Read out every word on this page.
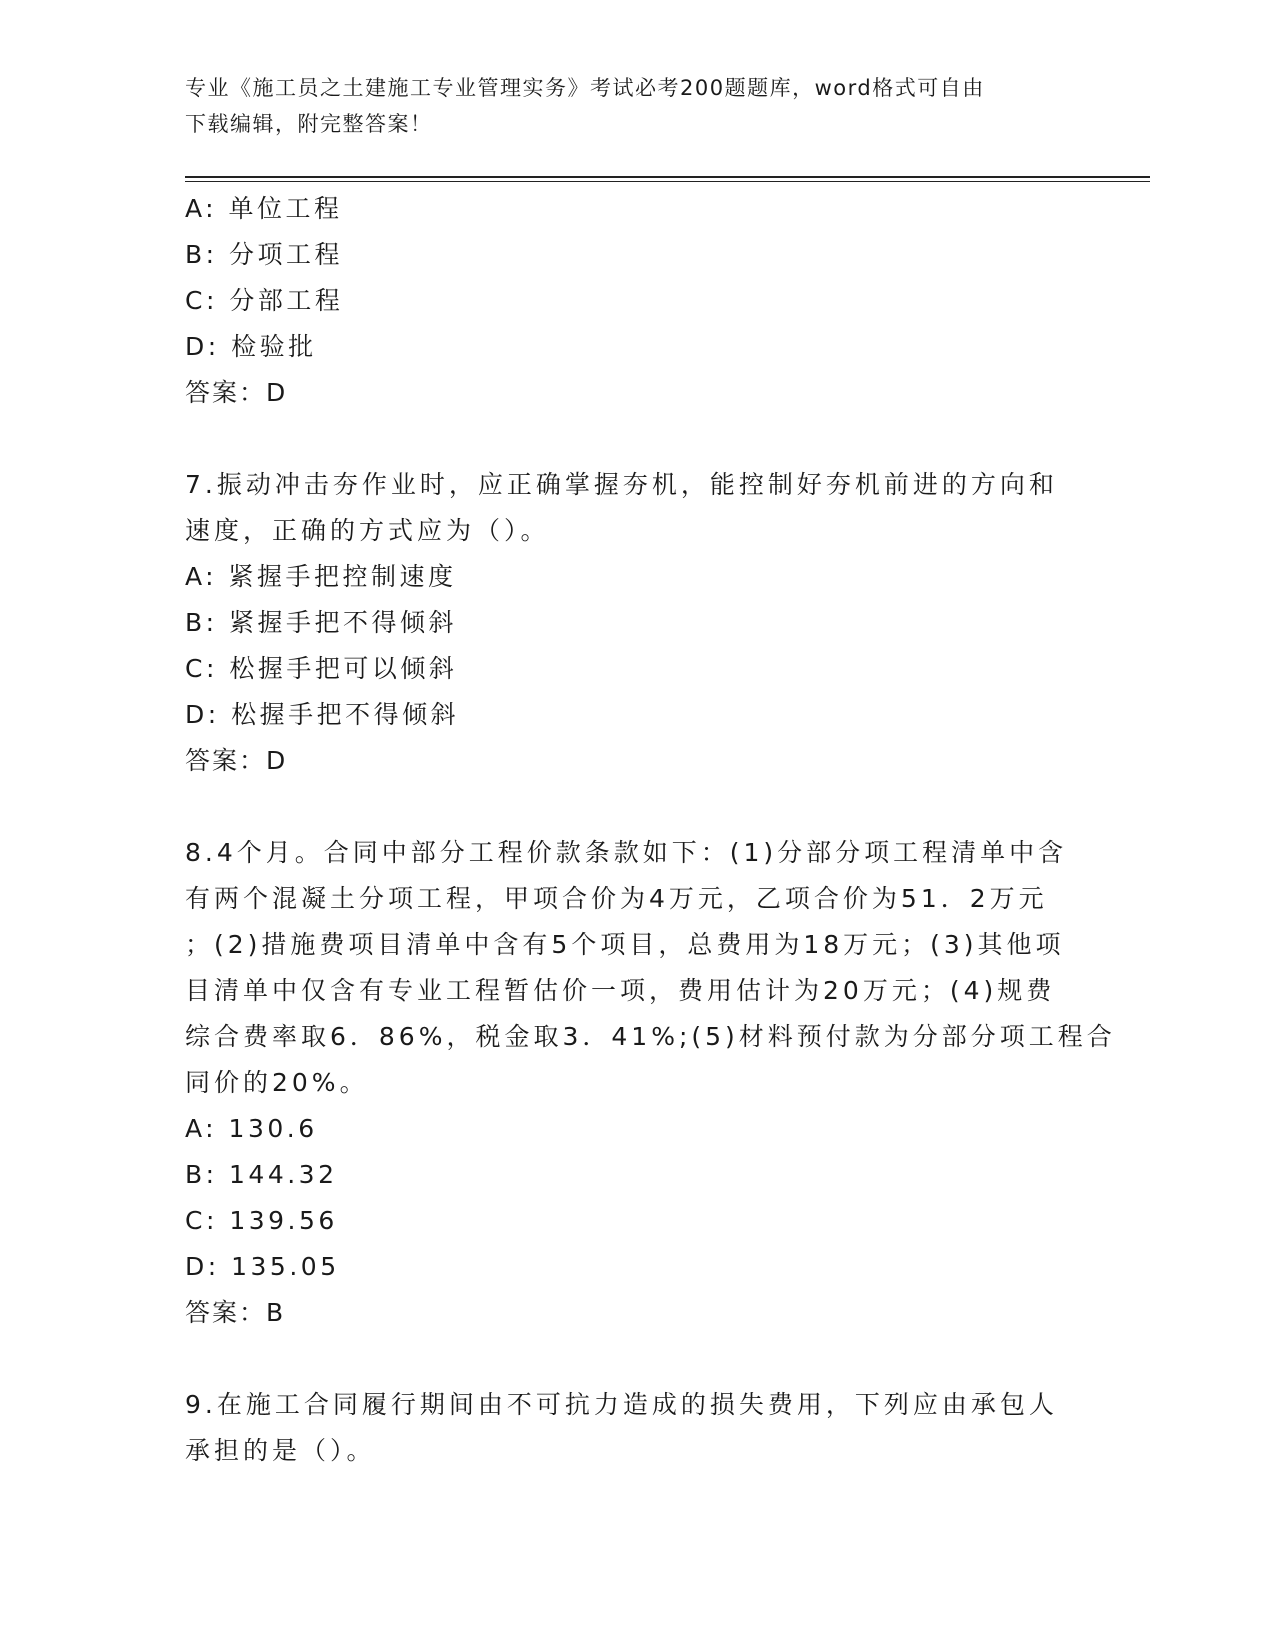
专业《施工员之土建施工专业管理实务》考试必考200题题库，word格式可自由
下载编辑，附完整答案！
A: 单位工程
B: 分项工程
C: 分部工程
D: 检验批
答案：D
7.振动冲击夯作业时，应正确掌握夯机，能控制好夯机前进的方向和
速度，正确的方式应为（）。
A: 紧握手把控制速度
B: 紧握手把不得倾斜
C: 松握手把可以倾斜
D: 松握手把不得倾斜
答案：D
8.4个月。合同中部分工程价款条款如下：(1)分部分项工程清单中含
有两个混凝土分项工程，甲项合价为4万元，乙项合价为51．2万元
；(2)措施费项目清单中含有5个项目，总费用为18万元；(3)其他项
目清单中仅含有专业工程暂估价一项，费用估计为20万元；(4)规费
综合费率取6．86%，税金取3．41%;(5)材料预付款为分部分项工程合
同价的20%。
A: 130.6
B: 144.32
C: 139.56
D: 135.05
答案：B
9.在施工合同履行期间由不可抗力造成的损失费用，下列应由承包人
承担的是（）。
